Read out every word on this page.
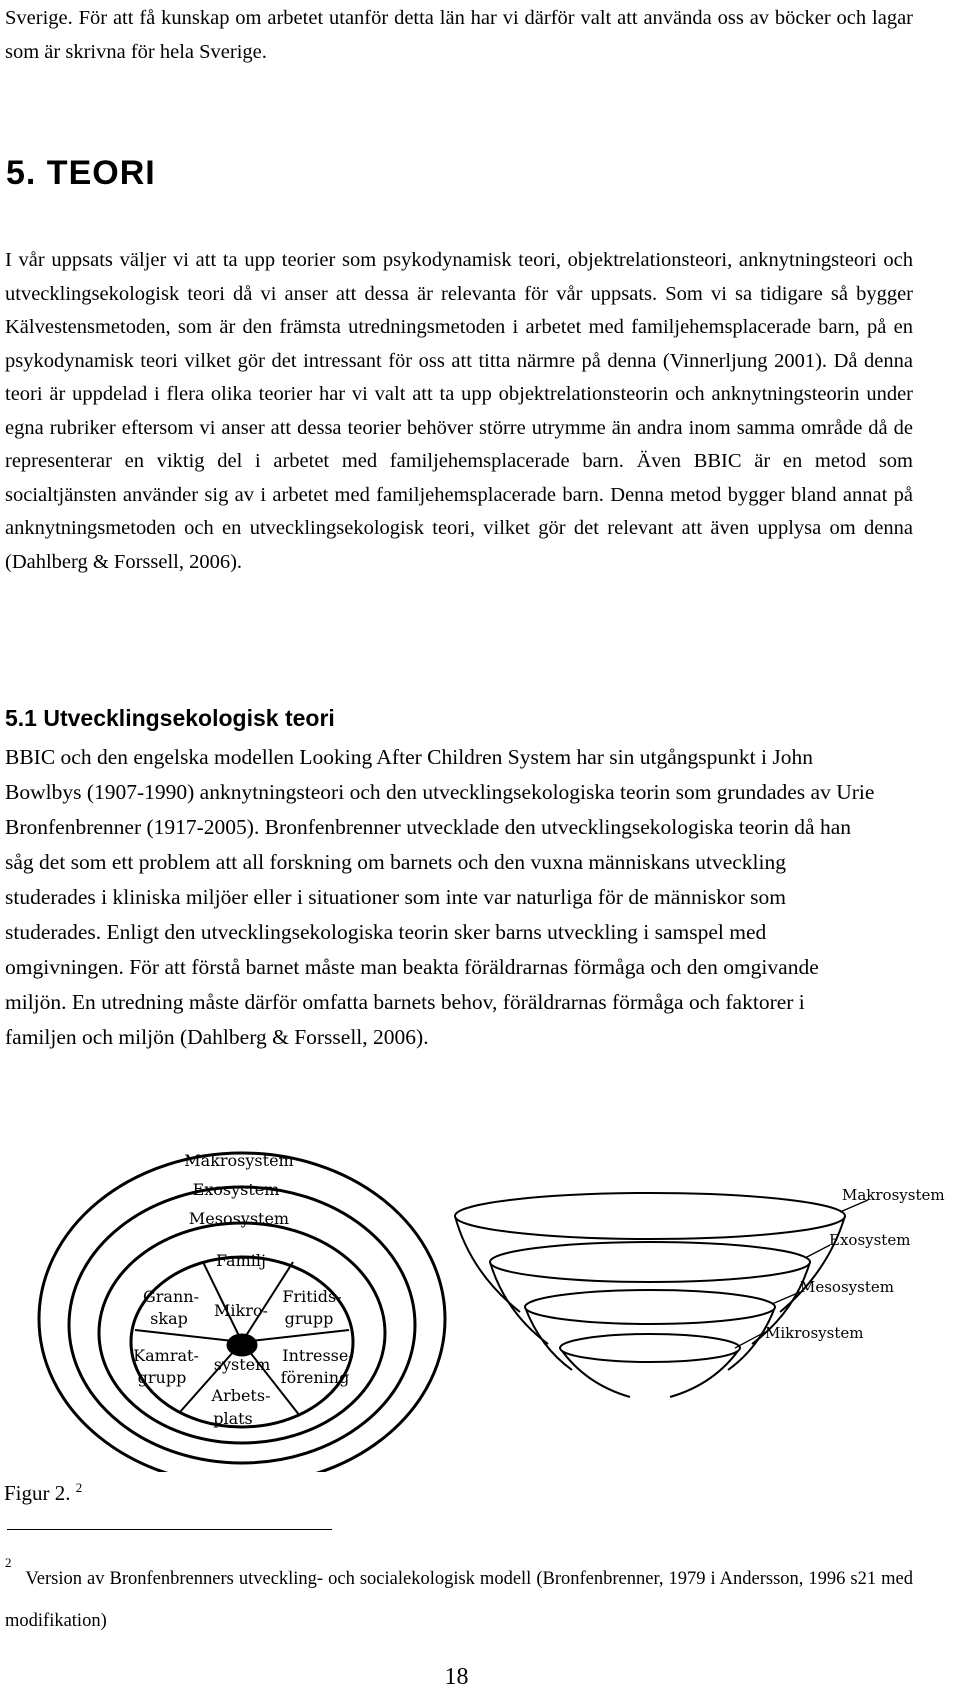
Sverige. För att få kunskap om arbetet utanför detta län har vi därför valt att använda oss av böcker och lagar som är skrivna för hela Sverige.

5. TEORI

I vår uppsats väljer vi att ta upp teorier som psykodynamisk teori, objektrelationsteori, anknytningsteori och utvecklingsekologisk teori då vi anser att dessa är relevanta för vår uppsats. Som vi sa tidigare så bygger Kälvestensmetoden, som är den främsta utredningsmetoden i arbetet med familjehemsplacerade barn, på en psykodynamisk teori vilket gör det intressant för oss att titta närmre på denna (Vinnerljung 2001). Då denna teori är uppdelad i flera olika teorier har vi valt att ta upp objektrelationsteorin och anknytningsteorin under egna rubriker eftersom vi anser att dessa teorier behöver större utrymme än andra inom samma område då de representerar en viktig del i arbetet med familjehemsplacerade barn. Även BBIC är en metod som socialtjänsten använder sig av i arbetet med familjehemsplacerade barn. Denna metod bygger bland annat på anknytningsmetoden och en utvecklingsekologisk teori, vilket gör det relevant att även upplysa om denna (Dahlberg & Forssell, 2006).

5.1 Utvecklingsekologisk teori

BBIC och den engelska modellen Looking After Children System har sin utgångspunkt i John Bowlbys (1907-1990) anknytningsteori och den utvecklingsekologiska teorin som grundades av Urie Bronfenbrenner (1917-2005). Bronfenbrenner utvecklade den utvecklingsekologiska teorin då han såg det som ett problem att all forskning om barnets och den vuxna människans utveckling studerades i kliniska miljöer eller i situationer som inte var naturliga för de människor som studerades. Enligt den utvecklingsekologiska teorin sker barns utveckling i samspel med omgivningen. För att förstå barnet måste man beakta föräldrarnas förmåga och den omgivande miljön. En utredning måste därför omfatta barnets behov, föräldrarnas förmåga och faktorer i familjen och miljön (Dahlberg & Forssell, 2006).

Makrosystem
Exosystem
Mesosystem
Familj
Grann-
skap Mikro-
system
Fritids-
grupp
Kamrat-
grupp
Intresse-
förening
Arbets-
plats
Makrosystem
Exosystem
Mesosystem
Mikrosystem
Figur 2. $^2$
$^2$Version av Bronfenbrenners utveckling- och socialekologisk modell (Bronfenbrenner, 1979 i Andersson, 1996 s21 med modifikation)
18
